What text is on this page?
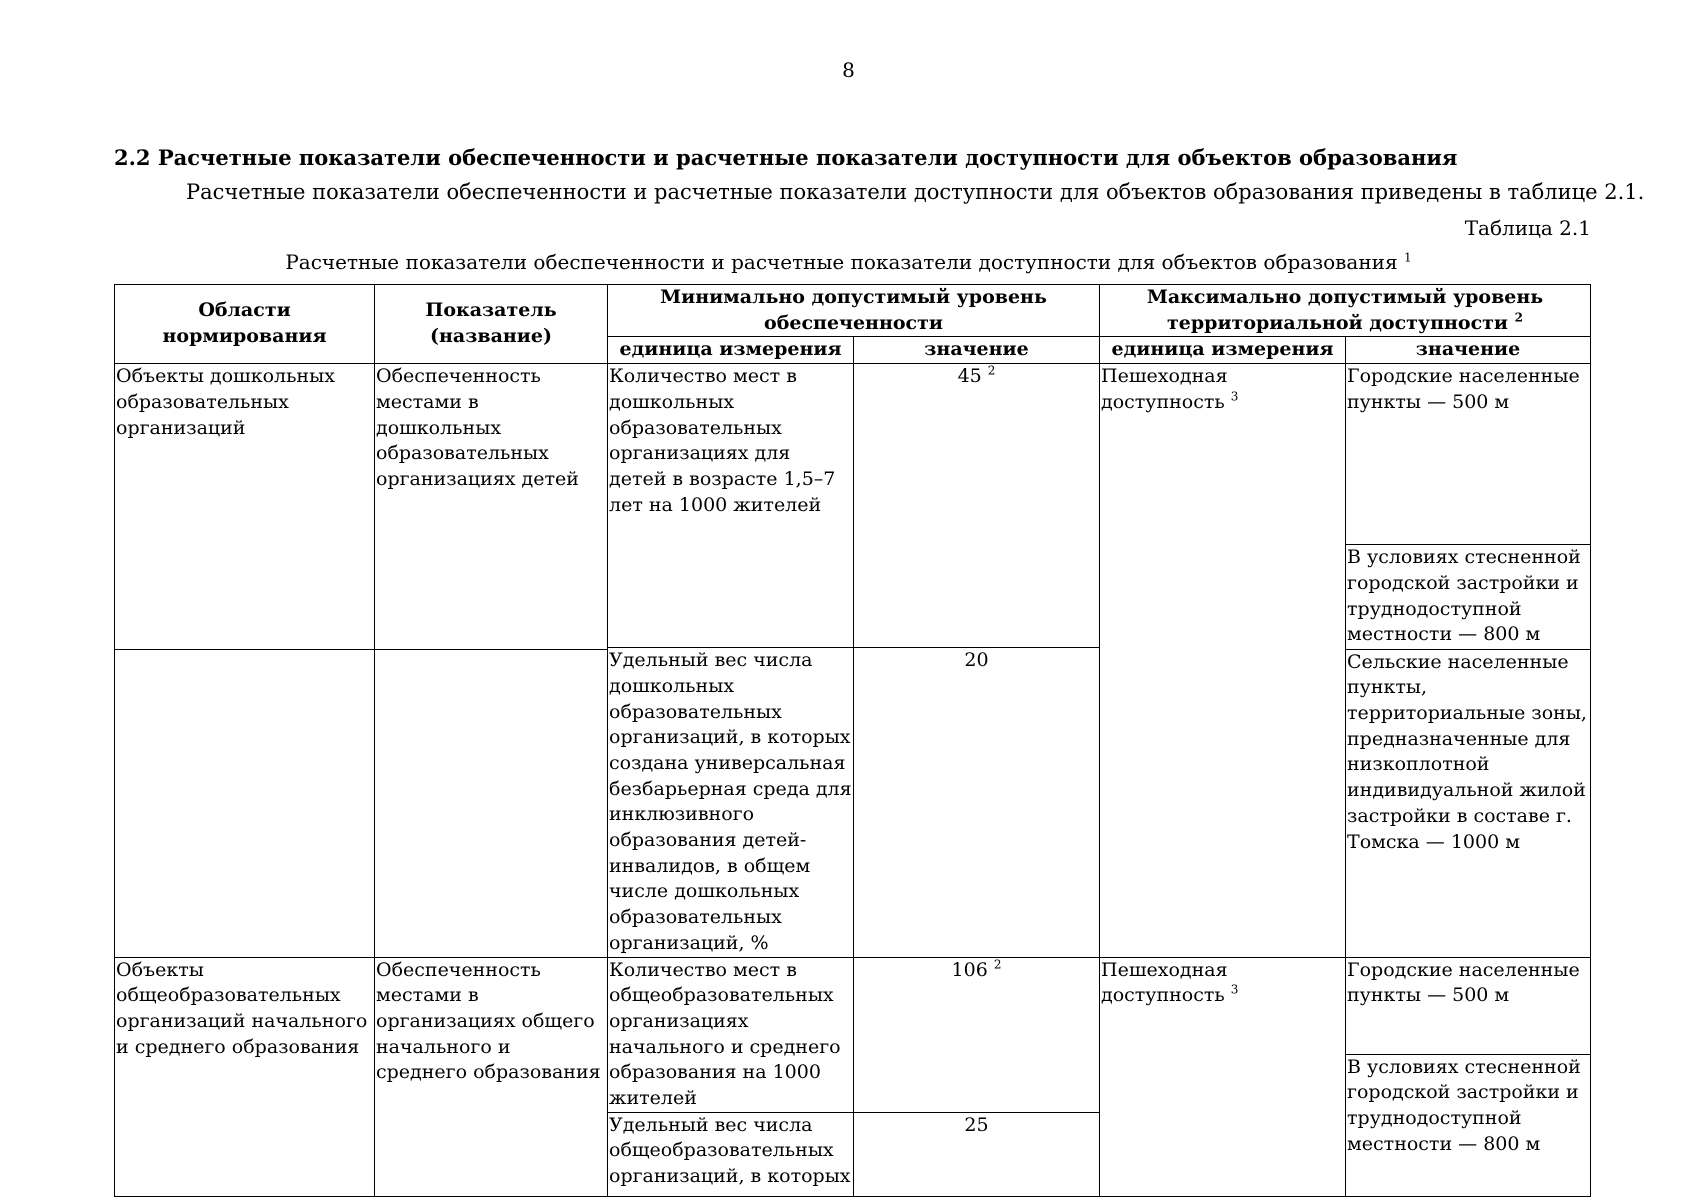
8
2.2 Расчетные показатели обеспеченности и расчетные показатели доступности для объектов образования
Расчетные показатели обеспеченности и расчетные показатели доступности для объектов образования приведены в таблице 2.1.
Таблица 2.1
Расчетные показатели обеспеченности и расчетные показатели доступности для объектов образования $^1$
Области нормирования	Показатель (название)	Минимально допустимый уровень обеспеченности		Максимально допустимый уровень территориальной доступности $^2$
		единица измерения	значение	единица измерения	значение
Объекты дошкольных образовательных организаций	Обеспеченность местами в дошкольных образовательных организациях детей	Количество мест в дошкольных образовательных организациях для детей в возрасте 1,5–7 лет на 1000 жителей	45 $^2$	Пешеходная доступность $^3$	Городские населенные пункты — 500 м
					В условиях стесненной городской застройки и труднодоступной местности — 800 м
		Удельный вес числа дошкольных образовательных организаций, в которых создана универсальная безбарьерная среда для инклюзивного образования детей-инвалидов, в общем числе дошкольных образовательных организаций, %	20		
					Сельские населенные пункты, территориальные зоны, предназначенные для низкоплотной индивидуальной жилой застройки в составе г. Томска — 1000 м
Объекты общеобразовательных организаций начального и среднего образования	Обеспеченность местами в организациях общего начального и среднего образования	Количество мест в общеобразовательных организациях начального и среднего образования на 1000 жителей	106 $^2$	Пешеходная доступность $^3$	Городские населенные пункты — 500 м
					В условиях стесненной городской застройки и труднодоступной местности — 800 м
		Удельный вес числа общеобразовательных организаций, в которых	25		
